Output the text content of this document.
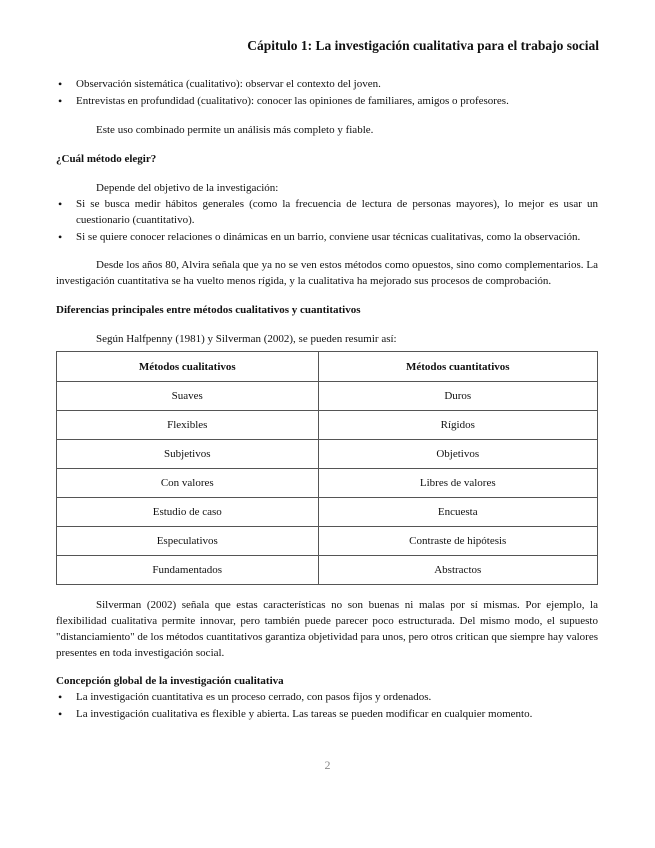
Cápitulo 1: La investigación cualitativa para el trabajo social
• Observación sistemática (cualitativo): observar el contexto del joven.
• Entrevistas en profundidad (cualitativo): conocer las opiniones de familiares, amigos o profesores.

Este uso combinado permite un análisis más completo y fiable.

¿Cuál método elegir?

Depende del objetivo de la investigación:

• Si se busca medir hábitos generales (como la frecuencia de lectura de personas mayores), lo mejor es usar un cuestionario (cuantitativo).
• Si se quiere conocer relaciones o dinámicas en un barrio, conviene usar técnicas cualitativas, como la observación.

Desde los años 80, Alvira señala que ya no se ven estos métodos como opuestos, sino como complementarios. La investigación cuantitativa se ha vuelto menos rígida, y la cualitativa ha mejorado sus procesos de comprobación.

Diferencias principales entre métodos cualitativos y cuantitativos

Según Halfpenny (1981) y Silverman (2002), se pueden resumir así:

Métodos cualitativos	Métodos cuantitativos
Suaves	Duros
Flexibles	Rígidos
Subjetivos	Objetivos
Con valores	Libres de valores
Estudio de caso	Encuesta
Especulativos	Contraste de hipótesis
Fundamentados	Abstractos

Silverman (2002) señala que estas características no son buenas ni malas por sí mismas. Por ejemplo, la flexibilidad cualitativa permite innovar, pero también puede parecer poco estructurada. Del mismo modo, el supuesto "distanciamiento" de los métodos cuantitativos garantiza objetividad para unos, pero otros critican que siempre hay valores presentes en toda investigación social.

Concepción global de la investigación cualitativa

• La investigación cuantitativa es un proceso cerrado, con pasos fijos y ordenados.
• La investigación cualitativa es flexible y abierta. Las tareas se pueden modificar en cualquier momento.
2
